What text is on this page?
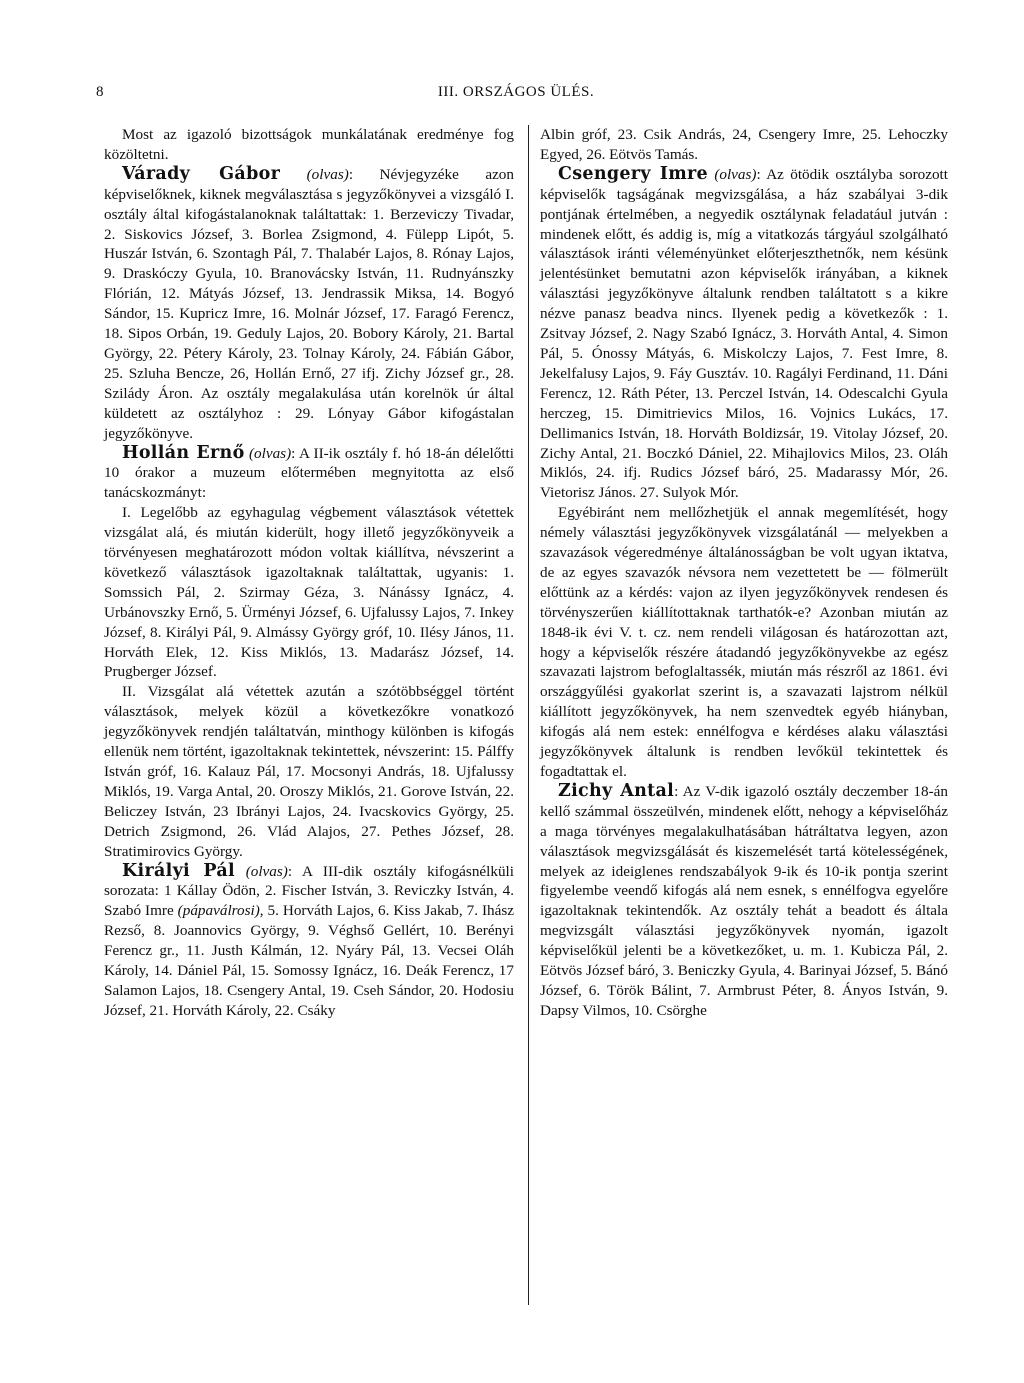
8	III. ORSZÁGOS ÜLÉS.

Most az igazoló bizottságok munkálatának eredménye fog közöltetni.

Várady Gábor (olvas): Névjegyzéke azon képviselőknek, kiknek megválasztása s jegyzőkönyvei a vizsgáló I. osztály által kifogástalanoknak találtattak: 1. Berzeviczy Tivadar, 2. Siskovics József, 3. Borlea Zsigmond, 4. Fülepp Lipót, 5. Huszár István, 6. Szontagh Pál, 7. Thalabér Lajos, 8. Rónay Lajos, 9. Draskóczy Gyula, 10. Branovácsky István, 11. Rudnyánszky Flórián, 12. Mátyás József, 13. Jendrassik Miksa, 14. Bogyó Sándor, 15. Kupricz Imre, 16. Molnár József, 17. Faragó Ferencz, 18. Sipos Orbán, 19. Geduly Lajos, 20. Bobory Károly, 21. Bartal György, 22. Pétery Károly, 23. Tolnay Károly, 24. Fábián Gábor, 25. Szluha Bencze, 26, Hollán Ernő, 27 ifj. Zichy József gr., 28. Szilády Áron. Az osztály megalakulása után korelnök úr által küldetett az osztályhoz : 29. Lónyay Gábor kifogástalan jegyzőkönyve.

Hollán Ernő (olvas): A II-ik osztály f. hó 18-án délelőtti 10 órakor a muzeum előtermében megnyitotta az első tanácskozmányt:

I. Legelőbb az egyhagulag végbement választások vétettek vizsgálat alá, és miután kiderült, hogy illető jegyzőkönyveik a törvényesen meghatározott módon voltak kiállítva, névszerint a következő választások igazoltaknak találtattak, ugyanis: 1. Somssich Pál, 2. Szirmay Géza, 3. Nánássy Ignácz, 4. Urbánovszky Ernő, 5. Ürményi József, 6. Ujfalussy Lajos, 7. Inkey József, 8. Királyi Pál, 9. Almássy György gróf, 10. Ilésy János, 11. Horváth Elek, 12. Kiss Miklós, 13. Madarász József, 14. Prugberger József.

II. Vizsgálat alá vétettek azután a szótöbbséggel történt választások, melyek közül a következőkre vonatkozó jegyzőkönyvek rendjén találtatván, minthogy különben is kifogás ellenük nem történt, igazoltaknak tekintettek, névszerint: 15. Pálffy István gróf, 16. Kalauz Pál, 17. Mocsonyi András, 18. Ujfalussy Miklós, 19. Varga Antal, 20. Oroszy Miklós, 21. Gorove István, 22. Beliczey István, 23 Ibrányi Lajos, 24. Ivacskovics György, 25. Detrich Zsigmond, 26. Vlád Alajos, 27. Pethes József, 28. Stratimirovics György.

Királyi Pál (olvas): A III-dik osztály kifogásnélküli sorozata: 1 Kállay Ödön, 2. Fischer István, 3. Reviczky István, 4. Szabó Imre (pápaválrosi), 5. Horváth Lajos, 6. Kiss Jakab, 7. Ihász Rezső, 8. Joannovics György, 9. Véghső Gellért, 10. Berényi Ferencz gr., 11. Justh Kálmán, 12. Nyáry Pál, 13. Vecsei Oláh Károly, 14. Dániel Pál, 15. Somossy Ignácz, 16. Deák Ferencz, 17 Salamon Lajos, 18. Csengery Antal, 19. Cseh Sándor, 20. Hodosiu József, 21. Horváth Károly, 22. Csáky

Albin gróf, 23. Csik András, 24, Csengery Imre, 25. Lehoczky Egyed, 26. Eötvös Tamás.

Csengery Imre (olvas): Az ötödik osztályba sorozott képviselők tagságának megvizsgálása, a ház szabályai 3-dik pontjának értelmében, a negyedik osztálynak feladatául jutván : mindenek előtt, és addig is, míg a vitatkozás tárgyául szolgálható választások iránti véleményünket előterjeszthetnők, nem késünk jelentésünket bemutatni azon képviselők irányában, a kiknek választási jegyzőkönyve általunk rendben találtatott s a kikre nézve panasz beadva nincs. Ilyenek pedig a következők : 1. Zsitvay József, 2. Nagy Szabó Ignácz, 3. Horváth Antal, 4. Simon Pál, 5. Ónossy Mátyás, 6. Miskolczy Lajos, 7. Fest Imre, 8. Jekelfalusy Lajos, 9. Fáy Gusztáv. 10. Ragályi Ferdinand, 11. Dáni Ferencz, 12. Ráth Péter, 13. Perczel István, 14. Odescalchi Gyula herczeg, 15. Dimitrievics Milos, 16. Vojnics Lukács, 17. Dellimanics István, 18. Horváth Boldizsár, 19. Vitolay József, 20. Zichy Antal, 21. Boczkó Dániel, 22. Mihajlovics Milos, 23. Oláh Miklós, 24. ifj. Rudics József báró, 25. Madarassy Mór, 26. Vietorisz János. 27. Sulyok Mór.

Egyébiránt nem mellőzhetjük el annak megemlítését, hogy némely választási jegyzőkönyvek vizsgálatánál — melyekben a szavazások végeredménye általánosságban be volt ugyan iktatva, de az egyes szavazók névsora nem vezettetett be — fölmerült előttünk az a kérdés: vajon az ilyen jegyzőkönyvek rendesen és törvényszerűen kiállítottaknak tarthatók-e? Azonban miután az 1848-ik évi V. t. cz. nem rendeli világosan és határozottan azt, hogy a képviselők részére átadandó jegyzőkönyvekbe az egész szavazati lajstrom befoglaltassék, miután más részről az 1861. évi országgyűlési gyakorlat szerint is, a szavazati lajstrom nélkül kiállított jegyzőkönyvek, ha nem szenvedtek egyéb hiányban, kifogás alá nem estek: ennélfogva e kérdéses alaku választási jegyzőkönyvek általunk is rendben levőkül tekintettek és fogadtattak el.

Zichy Antal: Az V-dik igazoló osztály deczember 18-án kellő számmal összeülvén, mindenek előtt, nehogy a képviselőház a maga törvényes megalakulhatásában hátráltatva legyen, azon választások megvizsgálását és kiszemelését tartá kötelességének, melyek az ideiglenes rendszabályok 9-ik és 10-ik pontja szerint figyelembe veendő kifogás alá nem esnek, s ennélfogva egyelőre igazoltaknak tekintendők. Az osztály tehát a beadott és általa megvizsgált választási jegyzőkönyvek nyomán, igazolt képviselőkül jelenti be a következőket, u. m. 1. Kubicza Pál, 2. Eötvös József báró, 3. Beniczky Gyula, 4. Barinyai József, 5. Bánó József, 6. Török Bálint, 7. Armbrust Péter, 8. Ányos István, 9. Dapsy Vilmos, 10. Csörghe
